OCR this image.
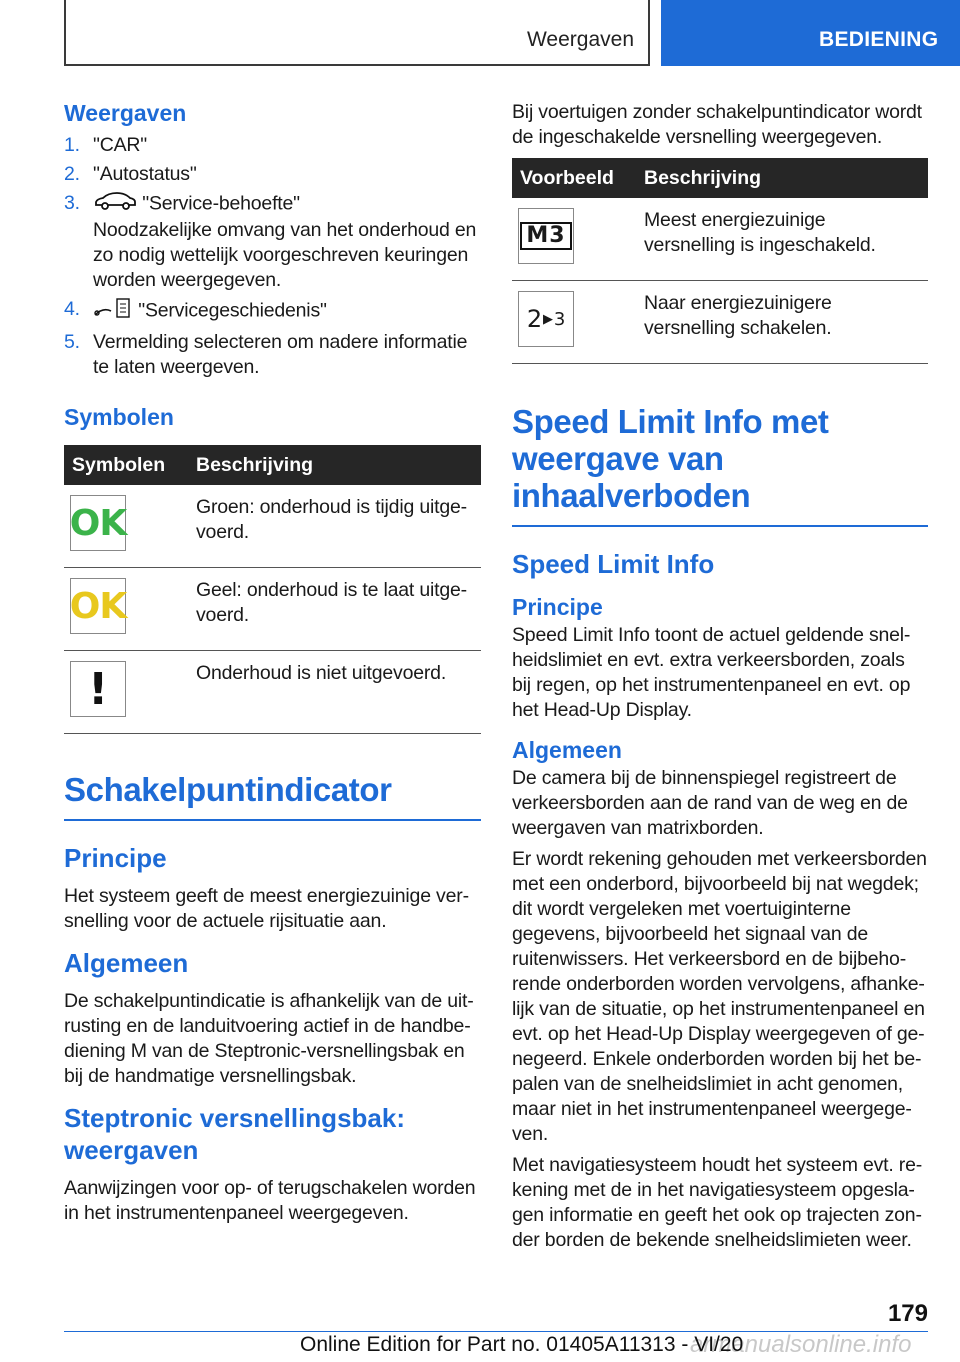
Weergaven	BEDIENING
Weergaven
1. "CAR"
2. "Autostatus"
3.	"Service-behoefte"
Noodzakelijke omvang van het onderhoud en zo nodig wettelijk voorgeschreven keuringen worden weergegeven.
4.	"Servicegeschiedenis"
5. Vermelding selecteren om nadere informatie te laten weergeven.
Symbolen
Symbolen	Beschrijving

OK	Groen: onderhoud is tijdig uitgevoerd.

OK	Geel: onderhoud is te laat uitgevoerd.

!	Onderhoud is niet uitgevoerd.
Schakelpuntindicator
Principe

Het systeem geeft de meest energiezuinige versnelling voor de actuele rijsituatie aan.

Algemeen

De schakelpuntindicatie is afhankelijk van de uitrusting en de landuitvoering actief in de handbediening M van de Steptronic-versnellingsbak en bij de handmatige versnellingsbak.

Steptronic versnellingsbak: weergaven

Aanwijzingen voor op- of terugschakelen worden in het instrumentenpaneel weergegeven.

Bij voertuigen zonder schakelpuntindicator wordt de ingeschakelde versnelling weergegeven.

Voorbeeld	Beschrijving

M3	Meest energiezuinige versnelling is ingeschakeld.

2 ▶ 3	Naar energiezuinigere versnelling schakelen.
Speed Limit Info met weergave van inhaalverboden
Speed Limit Info
Principe

Speed Limit Info toont de actuel geldende snelheidslimiet en evt. extra verkeersborden, zoals bij regen, op het instrumentenpaneel en evt. op het Head-Up Display.

Algemeen

De camera bij de binnenspiegel registreert de verkeersborden aan de rand van de weg en de weergaven van matrixborden.

Er wordt rekening gehouden met verkeersborden met een onderbord, bijvoorbeeld bij nat wegdek; dit wordt vergeleken met voertuiginterne gegevens, bijvoorbeeld het signaal van de ruitenwissers. Het verkeersbord en de bijbehorende onderborden worden vervolgens, afhankelijk van de situatie, op het instrumentenpaneel en evt. op het Head-Up Display weergegeven of genegeerd. Enkele onderborden worden bij het bepalen van de snelheidslimiet in acht genomen, maar niet in het instrumentenpaneel weergegeven.

Met navigatiesysteem houdt het systeem evt. rekening met de in het navigatiesysteem opgeslagen informatie en geeft het ook op trajecten zonder borden de bekende snelheidslimieten weer.

179
armanualsonline.info
Online Edition for Part no. 01405A11313 - VI/20
